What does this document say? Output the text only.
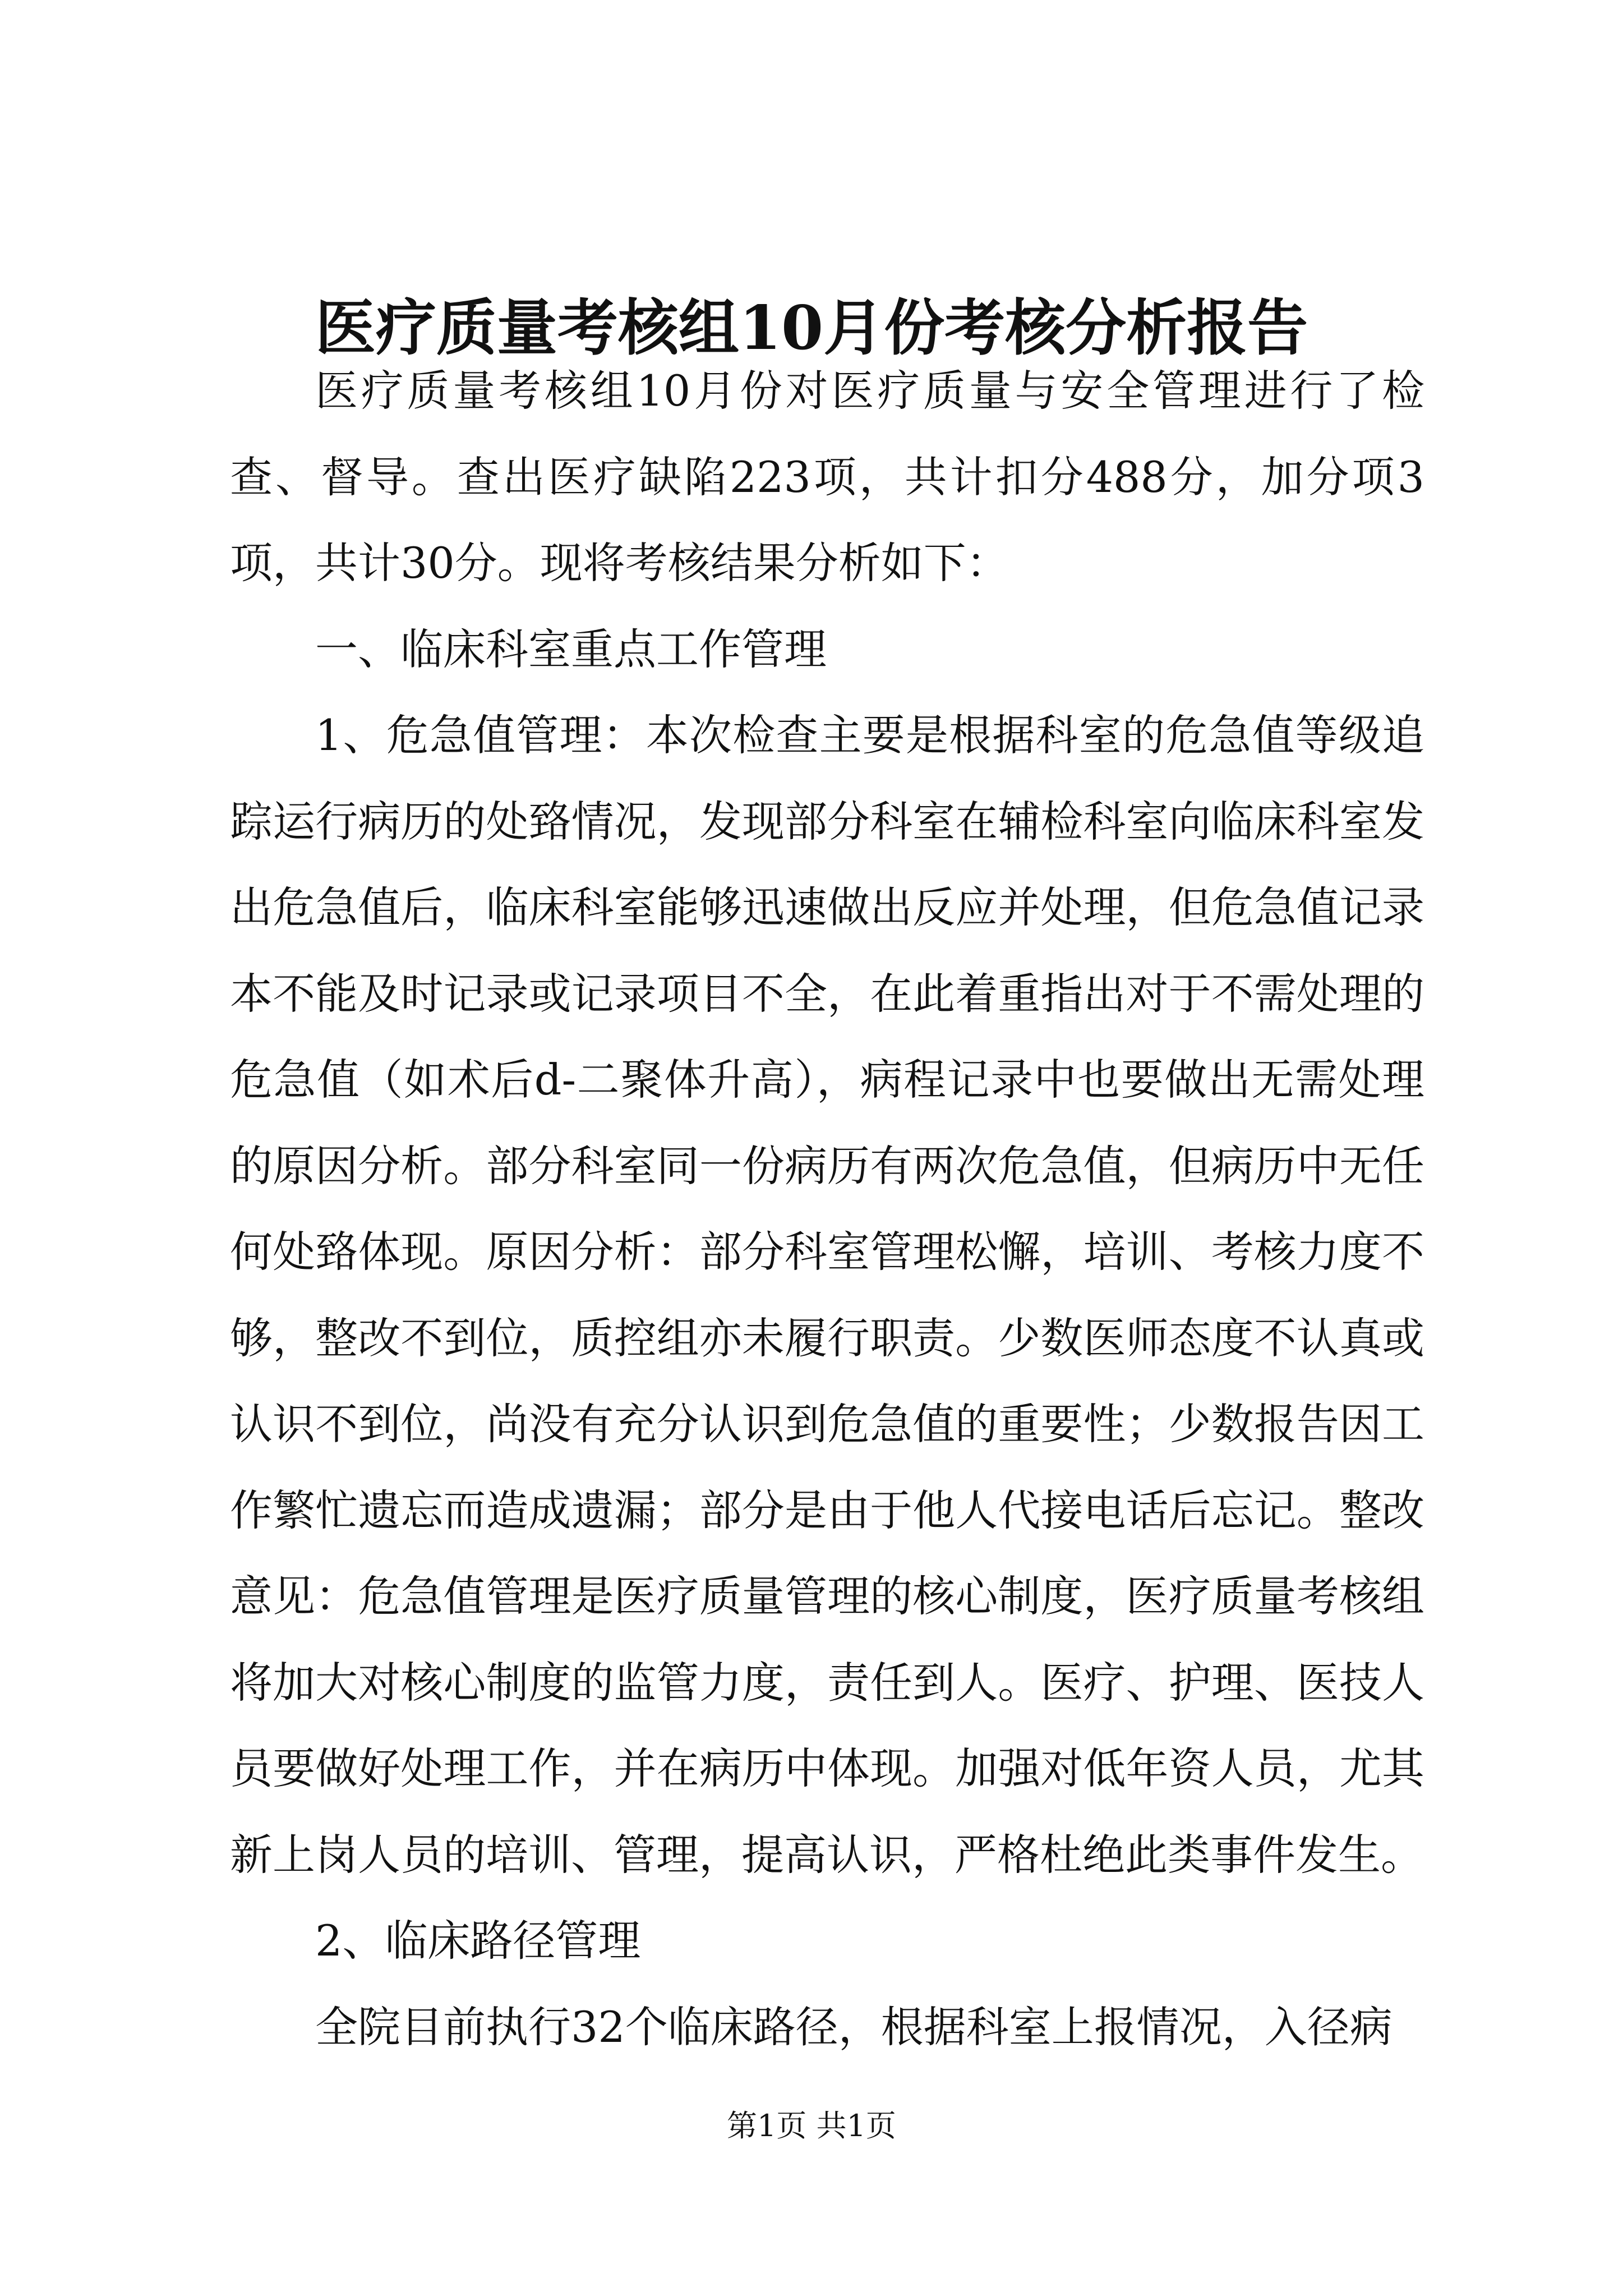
医疗质量考核组10月份考核分析报告

医疗质量考核组10月份对医疗质量与安全管理进行了检查、督导。查出医疗缺陷223项，共计扣分488分，加分项3项，共计30分。现将考核结果分析如下：

一、临床科室重点工作管理

1、危急值管理：本次检查主要是根据科室的危急值等级追踪运行病历的处臵情况，发现部分科室在辅检科室向临床科室发出危急值后，临床科室能够迅速做出反应并处理，但危急值记录本不能及时记录或记录项目不全，在此着重指出对于不需处理的危急值（如术后d-二聚体升高），病程记录中也要做出无需处理的原因分析。部分科室同一份病历有两次危急值，但病历中无任何处臵体现。原因分析：部分科室管理松懈，培训、考核力度不够，整改不到位，质控组亦未履行职责。少数医师态度不认真或认识不到位，尚没有充分认识到危急值的重要性；少数报告因工作繁忙遗忘而造成遗漏；部分是由于他人代接电话后忘记。整改意见：危急值管理是医疗质量管理的核心制度，医疗质量考核组将加大对核心制度的监管力度，责任到人。医疗、护理、医技人员要做好处理工作，并在病历中体现。加强对低年资人员，尤其新上岗人员的培训、管理，提高认识，严格杜绝此类事件发生。

2、临床路径管理

全院目前执行32个临床路径，根据科室上报情况，入径病

第1页 共1页
